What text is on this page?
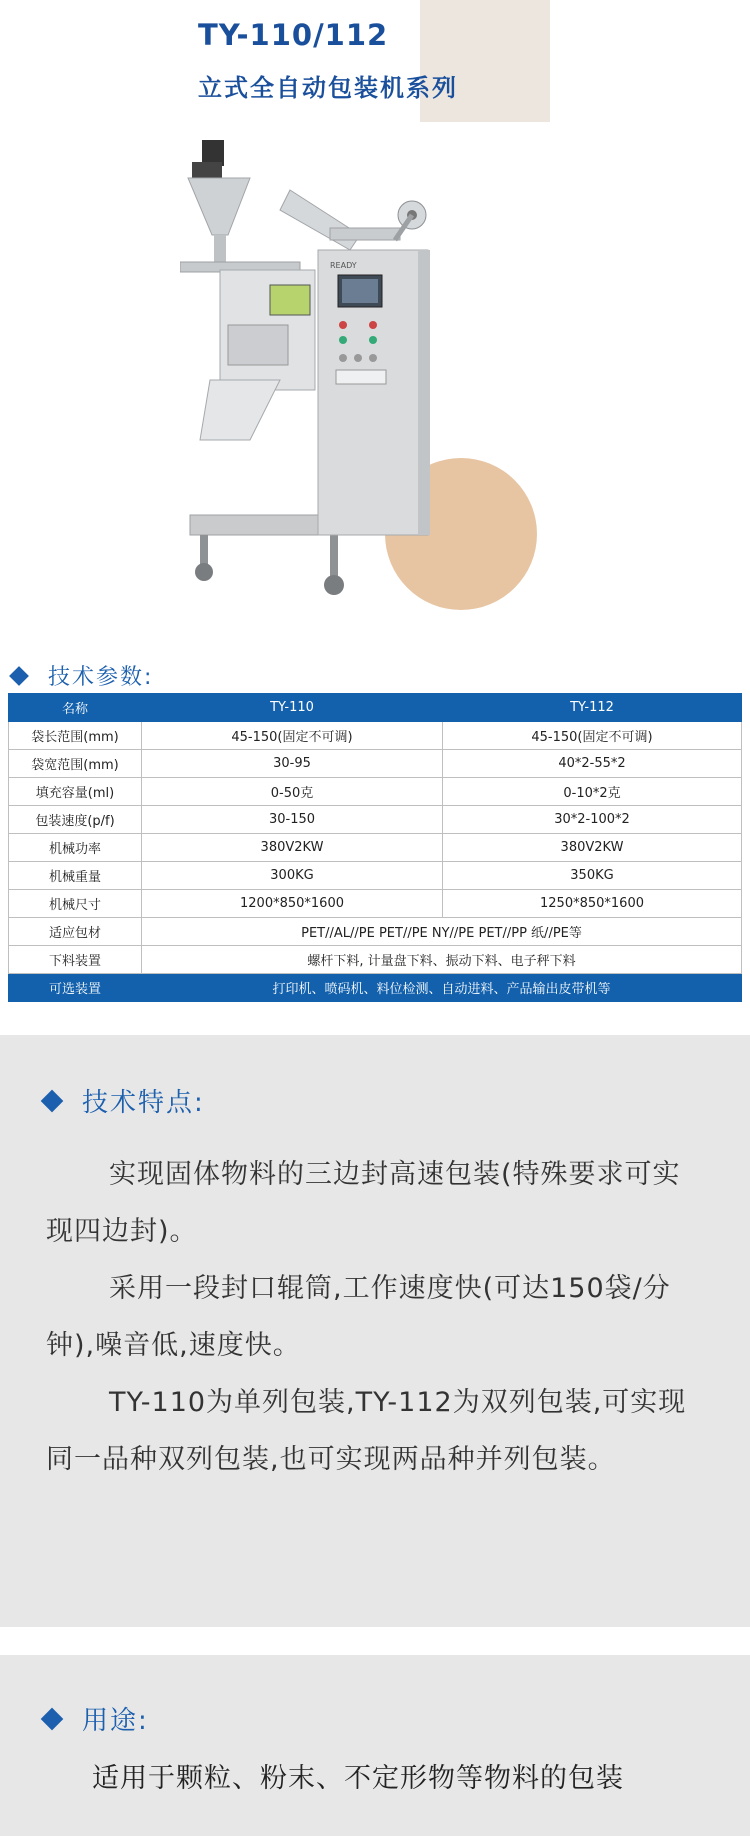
TY-110/112
立式全自动包装机系列
READY
技术参数:
名称	TY-110	TY-112
袋长范围(mm)	45-150(固定不可调)	45-150(固定不可调)
袋宽范围(mm)	30-95	40*2-55*2
填充容量(ml)	0-50克	0-10*2克
包装速度(p/f)	30-150	30*2-100*2
机械功率	380V2KW	380V2KW
机械重量	300KG	350KG
机械尺寸	1200*850*1600	1250*850*1600
适应包材	PET//AL//PE PET//PE NY//PE PET//PP 纸//PE等	
下料装置	螺杆下料, 计量盘下料、振动下料、电子秤下料	
可选装置	打印机、喷码机、料位检测、自动进料、产品输出皮带机等	
技术特点:

实现固体物料的三边封高速包装(特殊要求可实现四边封)。

采用一段封口辊筒,工作速度快(可达150袋/分钟),噪音低,速度快。

TY-110为单列包装,TY-112为双列包装,可实现同一品种双列包装,也可实现两品种并列包装。

用途:
适用于颗粒、粉末、不定形物等物料的包装
